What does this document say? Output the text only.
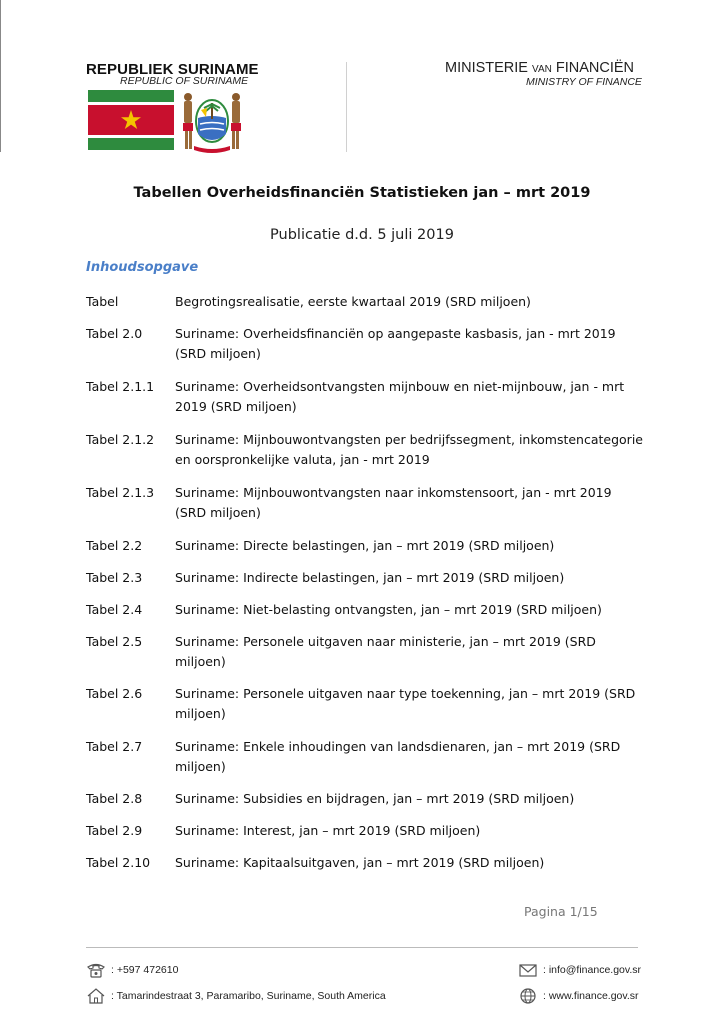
REPUBLIEK SURINAME
REPUBLIC OF SURINAME
MINISTERIE VAN FINANCIËN
MINISTRY OF FINANCE
Tabellen Overheidsfinanciën Statistieken jan – mrt 2019
Publicatie d.d. 5 juli 2019
Inhoudsopgave
Tabel	Begrotingsrealisatie, eerste kwartaal 2019 (SRD miljoen)
Tabel 2.0	Suriname: Overheidsfinanciën op aangepaste kasbasis, jan - mrt 2019 (SRD miljoen)
Tabel 2.1.1	Suriname: Overheidsontvangsten mijnbouw en niet-mijnbouw, jan - mrt 2019 (SRD miljoen)
Tabel 2.1.2	Suriname: Mijnbouwontvangsten per bedrijfssegment, inkomstencategorie en oorspronkelijke valuta, jan - mrt 2019
Tabel 2.1.3	Suriname: Mijnbouwontvangsten naar inkomstensoort, jan - mrt 2019 (SRD miljoen)
Tabel 2.2	Suriname: Directe belastingen, jan – mrt 2019 (SRD miljoen)
Tabel 2.3	Suriname: Indirecte belastingen, jan – mrt 2019 (SRD miljoen)
Tabel 2.4	Suriname: Niet-belasting ontvangsten, jan – mrt 2019 (SRD miljoen)
Tabel 2.5	Suriname: Personele uitgaven naar ministerie, jan – mrt 2019 (SRD miljoen)
Tabel 2.6	Suriname: Personele uitgaven naar type toekenning, jan – mrt 2019 (SRD miljoen)
Tabel 2.7	Suriname: Enkele inhoudingen van landsdienaren, jan – mrt 2019 (SRD miljoen)
Tabel 2.8	Suriname: Subsidies en bijdragen, jan – mrt 2019 (SRD miljoen)
Tabel 2.9	Suriname: Interest, jan – mrt 2019 (SRD miljoen)
Tabel 2.10	Suriname: Kapitaalsuitgaven, jan – mrt 2019 (SRD miljoen)
Pagina 1/15
: +597 472610
: Tamarindestraat 3, Paramaribo, Suriname, South America
: info@finance.gov.sr
: www.finance.gov.sr
